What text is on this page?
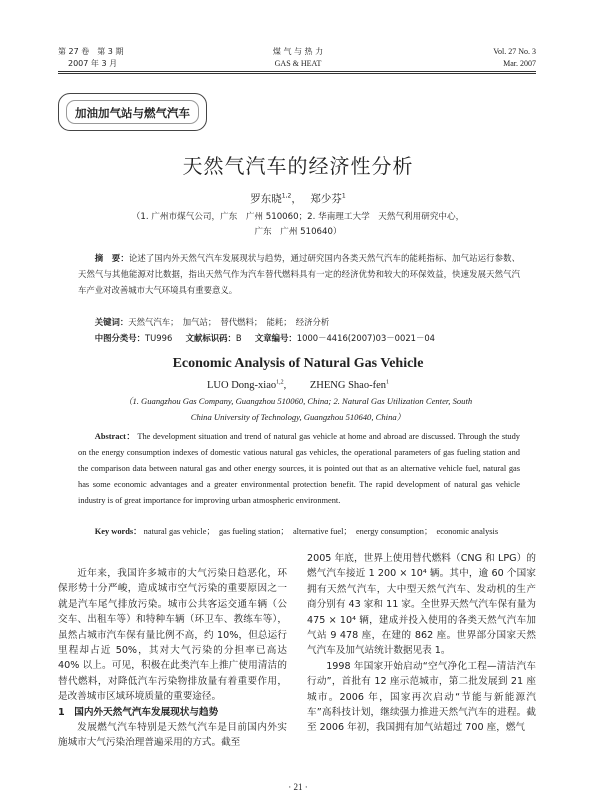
第 27 卷　第 3 期
2007 年 3 月
煤 气 与 热 力
GAS & HEAT
Vol. 27 No. 3
Mar. 2007
加油加气站与燃气汽车
天然气汽车的经济性分析
罗东晓$^{1,2}$，　 郑少芬$^1$
（1. 广州市煤气公司，广东　广州 510060；2. 华南理工大学　天然气利用研究中心，
广东　广州 510640）
摘　要：论述了国内外天然气汽车发展现状与趋势，通过研究国内各类天然气汽车的能耗指标、加气站运行参数、天然气与其他能源对比数据，指出天然气作为汽车替代燃料具有一定的经济优势和较大的环保效益，快速发展天然气汽车产业对改善城市大气环境具有重要意义。
关键词：天然气汽车；　加气站；　替代燃料；　能耗；　经济分析
中图分类号：TU996 文献标识码：B 文章编号：1000－4416(2007)03－0021－04
Economic Analysis of Natural Gas Vehicle
LUO Dong-xiao$^{1,2}$,　　 ZHENG Shao-fen$^1$
（1. Guangzhou Gas Company, Guangzhou 510060, China; 2. Natural Gas Utilization Center, South
China University of Technology, Guangzhou 510640, China）
Abstract： The development situation and trend of natural gas vehicle at home and abroad are discussed. Through the study on the energy consumption indexes of domestic vatious natural gas vehicles, the operational parameters of gas fueling station and the comparison data between natural gas and other energy sources, it is pointed out that as an alternative vehicle fuel, natural gas has some economic advantages and a greater environmental protection benefit. The rapid development of natural gas vehicle industry is of great importance for improving urban atmospheric environment.
Key words： natural gas vehicle；　gas fueling station；　alternative fuel；　energy consumption；　economic analysis

近年来，我国许多城市的大气污染日趋恶化，环保形势十分严峻，造成城市空气污染的重要原因之一就是汽车尾气排放污染。城市公共客运交通车辆（公交车、出租车等）和特种车辆（环卫车、教练车等），虽然占城市汽车保有量比例不高，约 10%，但总运行里程却占近 50%，其对大气污染的分担率已高达 40% 以上。可见，积极在此类汽车上推广使用清洁的替代燃料，对降低汽车污染物排放量有着重要作用，是改善城市区域环境质量的重要途径。

1　国内外天然气汽车发展现状与趋势

发展燃气汽车特别是天然气汽车是目前国内外实施城市大气污染治理普遍采用的方式。截至

2005 年底，世界上使用替代燃料（CNG 和 LPG）的燃气汽车接近 1 200 × 10⁴ 辆。其中，逾 60 个国家拥有天然气汽车，大中型天然气汽车、发动机的生产商分别有 43 家和 11 家。全世界天然气汽车保有量为 475 × 10⁴ 辆，建成并投入使用的各类天然气汽车加气站 9 478 座，在建的 862 座。世界部分国家天然气汽车及加气站统计数据见表 1。

1998 年国家开始启动“空气净化工程—清洁汽车行动”，首批有 12 座示范城市，第二批发展到 21 座城市。2006 年，国家再次启动“节能与新能源汽车”高科技计划，继续强力推进天然气汽车的进程。截至 2006 年初，我国拥有加气站超过 700 座，燃气

· 21 ·
